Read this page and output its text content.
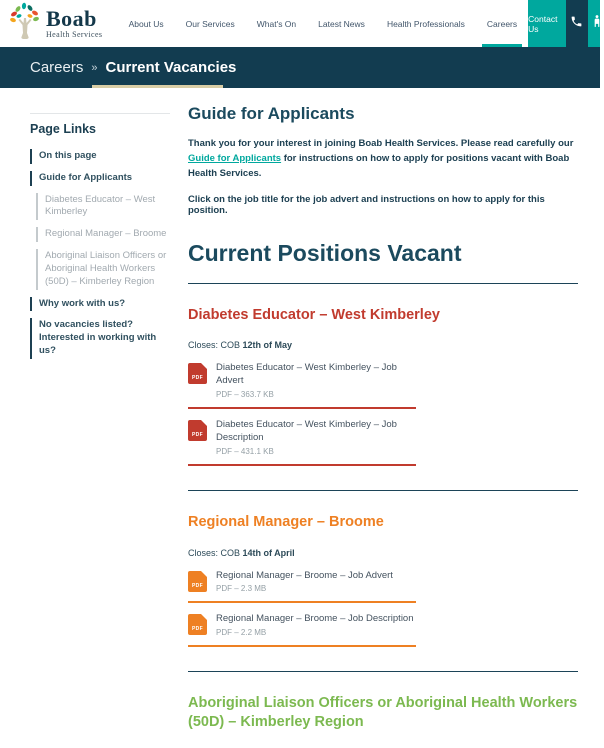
Boab
Health Services
About Us	Our Services	What's On	Latest News	Health Professionals	Careers	Contact Us
Careers » Current Vacancies
Page Links
On this page
Guide for Applicants
Diabetes Educator – West Kimberley
Regional Manager – Broome
Aboriginal Liaison Officers or Aboriginal Health Workers (50D) – Kimberley Region
Why work with us?
No vacancies listed? Interested in working with us?
Guide for Applicants
Thank you for your interest in joining Boab Health Services. Please read carefully our Guide for Applicants for instructions on how to apply for positions vacant with Boab Health Services.
Click on the job title for the job advert and instructions on how to apply for this position.
Current Positions Vacant
Diabetes Educator – West Kimberley
Closes: COB 12th of May
PDF
Diabetes Educator – West Kimberley – Job Advert
PDF – 363.7 KB
PDF
Diabetes Educator – West Kimberley – Job Description
PDF – 431.1 KB
Regional Manager – Broome
Closes: COB 14th of April
PDF
Regional Manager – Broome – Job Advert
PDF – 2.3 MB
PDF
Regional Manager – Broome – Job Description
PDF – 2.2 MB
Aboriginal Liaison Officers or Aboriginal Health Workers (50D) – Kimberley Region
